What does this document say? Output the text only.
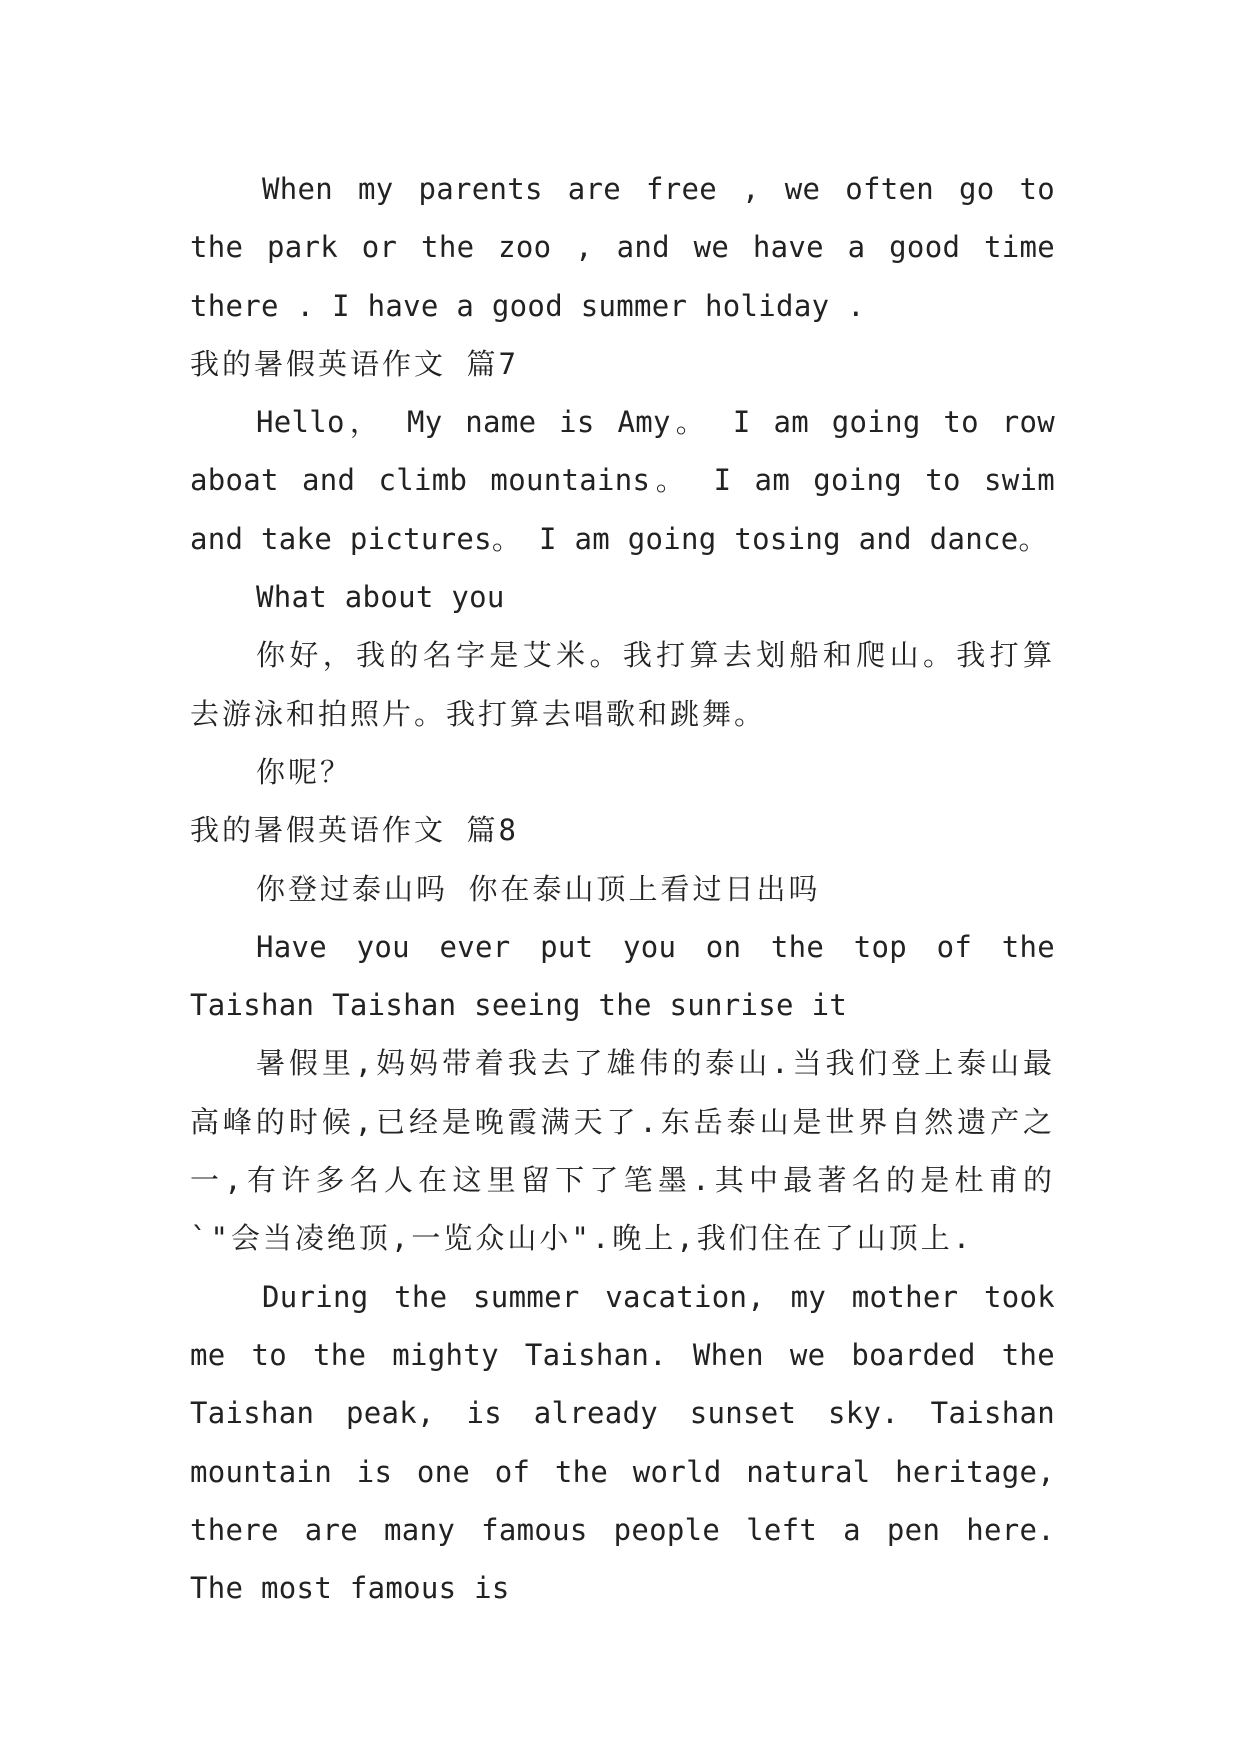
When my parents are free , we often go to the park or the zoo , and we have a good time there . I have a good summer holiday .

我的暑假英语作文 篇7

Hello， My name is Amy。 I am going to row aboat and climb mountains。 I am going to swim and take pictures。 I am going tosing and dance。

What about you

你好，我的名字是艾米。我打算去划船和爬山。我打算去游泳和拍照片。我打算去唱歌和跳舞。

你呢？

我的暑假英语作文 篇8

你登过泰山吗 你在泰山顶上看过日出吗

Have you ever put you on the top of the Taishan Taishan seeing the sunrise it

暑假里,妈妈带着我去了雄伟的泰山.当我们登上泰山最高峰的时候,已经是晚霞满天了.东岳泰山是世界自然遗产之一,有许多名人在这里留下了笔墨.其中最著名的是杜甫的`"会当凌绝顶,一览众山小".晚上,我们住在了山顶上.

During the summer vacation, my mother took me to the mighty Taishan. When we boarded the Taishan peak, is already sunset sky. Taishan mountain is one of the world natural heritage, there are many famous people left a pen here. The most famous is
